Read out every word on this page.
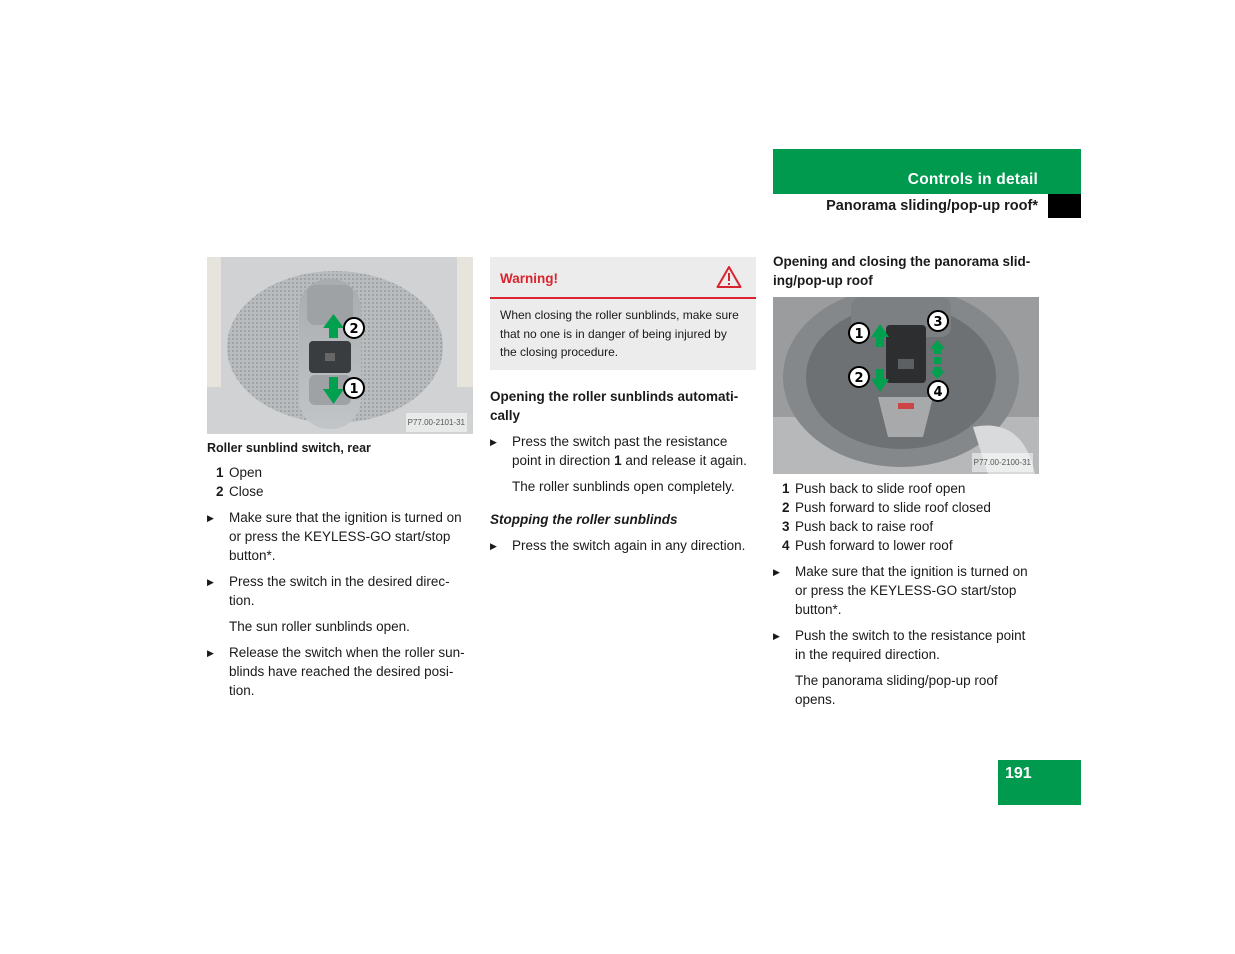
Controls in detail
Panorama sliding/pop-up roof*
2
1
P77.00-2101-31
Roller sunblind switch, rear
1 Open
2 Close
▶ Make sure that the ignition is turned on or press the KEYLESS-GO start/stop button*.
▶ Press the switch in the desired direc-tion.
The sun roller sunblinds open.
▶ Release the switch when the roller sun-blinds have reached the desired posi-tion.
Warning!
When closing the roller sunblinds, make sure that no one is in danger of being injured by the closing procedure.
Opening the roller sunblinds automati-cally
▶ Press the switch past the resistance point in direction 1 and release it again.
The roller sunblinds open completely.
Stopping the roller sunblinds
▶ Press the switch again in any direction.
Opening and closing the panorama slid-ing/pop-up roof
1
2
3
4
P77.00-2100-31
1 Push back to slide roof open
2 Push forward to slide roof closed
3 Push back to raise roof
4 Push forward to lower roof
▶ Make sure that the ignition is turned on or press the KEYLESS-GO start/stop button*.
▶ Push the switch to the resistance point in the required direction.
The panorama sliding/pop-up roof opens.
191
